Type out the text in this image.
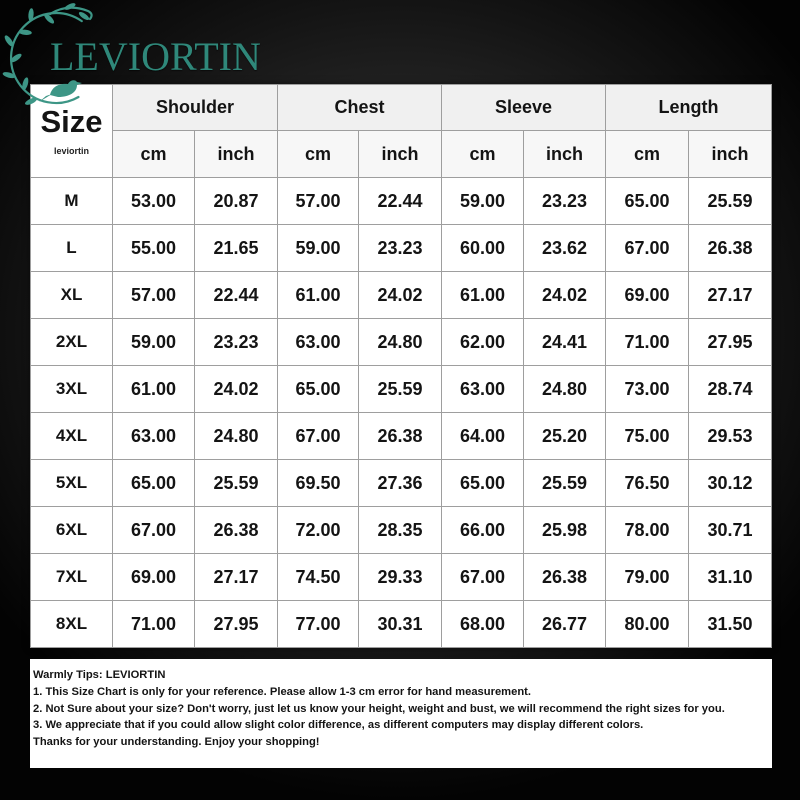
LEVIORTIN
Size
leviortin
Shoulder	Chest	Sleeve	Length
cm	inch	cm	inch	cm	inch	cm	inch
M	53.00	20.87	57.00	22.44	59.00	23.23	65.00	25.59
L	55.00	21.65	59.00	23.23	60.00	23.62	67.00	26.38
XL	57.00	22.44	61.00	24.02	61.00	24.02	69.00	27.17
2XL	59.00	23.23	63.00	24.80	62.00	24.41	71.00	27.95
3XL	61.00	24.02	65.00	25.59	63.00	24.80	73.00	28.74
4XL	63.00	24.80	67.00	26.38	64.00	25.20	75.00	29.53
5XL	65.00	25.59	69.50	27.36	65.00	25.59	76.50	30.12
6XL	67.00	26.38	72.00	28.35	66.00	25.98	78.00	30.71
7XL	69.00	27.17	74.50	29.33	67.00	26.38	79.00	31.10
8XL	71.00	27.95	77.00	30.31	68.00	26.77	80.00	31.50
Warmly Tips: LEVIORTIN
1. This Size Chart is only for your reference. Please allow 1-3 cm error for hand measurement.
2. Not Sure about your size? Don't worry, just let us know your height, weight and bust, we will recommend the right sizes for you.
3. We appreciate that if you could allow slight color difference, as different computers may display different colors.
Thanks for your understanding. Enjoy your shopping!
